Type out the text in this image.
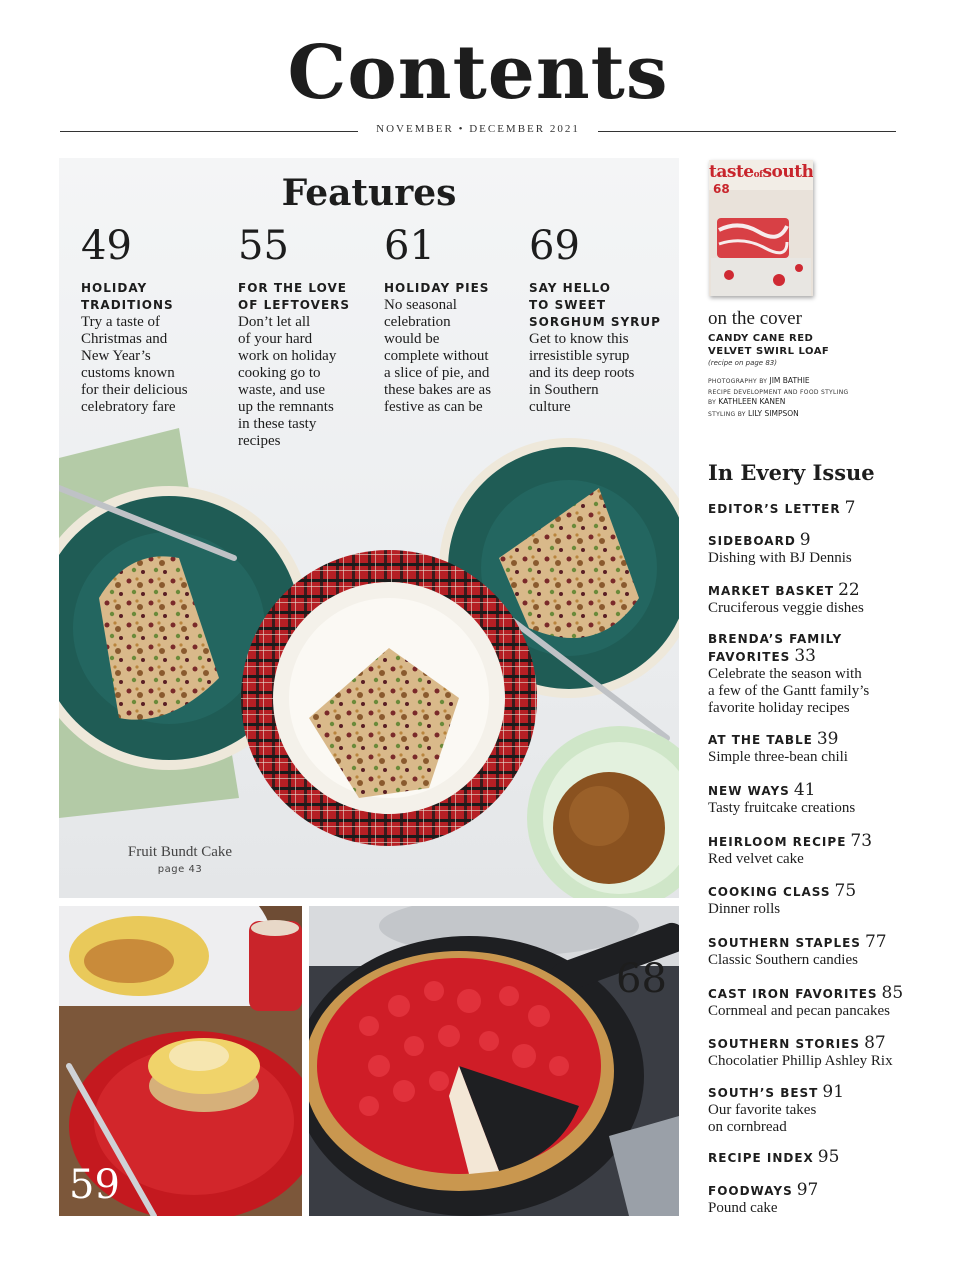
Contents
NOVEMBER • DECEMBER 2021
Features
49
HOLIDAY
TRADITIONS
Try a taste of
Christmas and
New Year’s
customs known
for their delicious
celebratory fare
55
FOR THE LOVE
OF LEFTOVERS
Don’t let all
of your hard
work on holiday
cooking go to
waste, and use
up the remnants
in these tasty
recipes
61
HOLIDAY PIES
No seasonal
celebration
would be
complete without
a slice of pie, and
these bakes are as
festive as can be
69
SAY HELLO
TO SWEET
SORGHUM SYRUP
Get to know this
irresistible syrup
and its deep roots
in Southern
culture
Fruit Bundt Cake
page 43
59
68
tasteofsouth
68
on the cover
CANDY CANE RED
VELVET SWIRL LOAF
(recipe on page 83)
PHOTOGRAPHY BY JIM BATHIE
RECIPE DEVELOPMENT AND FOOD STYLING
BY KATHLEEN KANEN
STYLING BY LILY SIMPSON
In Every Issue
EDITOR’S LETTER 7
SIDEBOARD 9
Dishing with BJ Dennis
MARKET BASKET 22
Cruciferous veggie dishes
BRENDA’S FAMILY
FAVORITES 33
Celebrate the season with
a few of the Gantt family’s
favorite holiday recipes
AT THE TABLE 39
Simple three-bean chili
NEW WAYS 41
Tasty fruitcake creations
HEIRLOOM RECIPE 73
Red velvet cake
COOKING CLASS 75
Dinner rolls
SOUTHERN STAPLES 77
Classic Southern candies
CAST IRON FAVORITES 85
Cornmeal and pecan pancakes
SOUTHERN STORIES 87
Chocolatier Phillip Ashley Rix
SOUTH’S BEST 91
Our favorite takes
on cornbread
RECIPE INDEX 95
FOODWAYS 97
Pound cake
